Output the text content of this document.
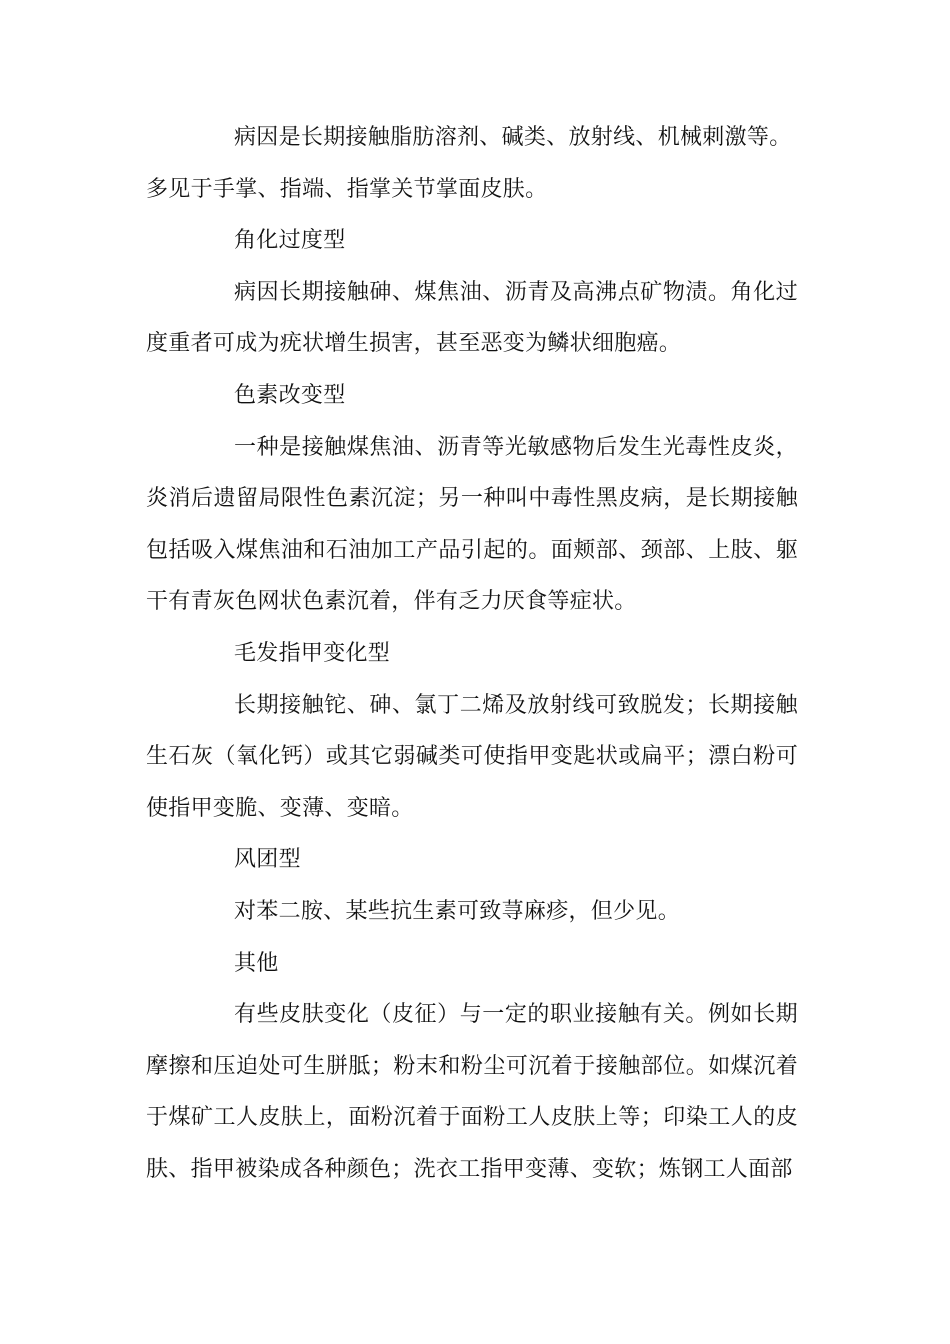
病因是长期接触脂肪溶剂、碱类、放射线、机械刺激等。

多见于手掌、指端、指掌关节掌面皮肤。

角化过度型

病因长期接触砷、煤焦油、沥青及高沸点矿物渍。角化过度重者可成为疣状增生损害，甚至恶变为鳞状细胞癌。

色素改变型

一种是接触煤焦油、沥青等光敏感物后发生光毒性皮炎，炎消后遗留局限性色素沉淀；另一种叫中毒性黑皮病，是长期接触包括吸入煤焦油和石油加工产品引起的。面颊部、颈部、上肢、躯干有青灰色网状色素沉着，伴有乏力厌食等症状。

毛发指甲变化型

长期接触铊、砷、氯丁二烯及放射线可致脱发；长期接触生石灰（氧化钙）或其它弱碱类可使指甲变匙状或扁平；漂白粉可使指甲变脆、变薄、变暗。

风团型

对苯二胺、某些抗生素可致荨麻疹，但少见。

其他

有些皮肤变化（皮征）与一定的职业接触有关。例如长期摩擦和压迫处可生胼胝；粉末和粉尘可沉着于接触部位。如煤沉着于煤矿工人皮肤上，面粉沉着于面粉工人皮肤上等；印染工人的皮肤、指甲被染成各种颜色；洗衣工指甲变薄、变软；炼钢工人面部
